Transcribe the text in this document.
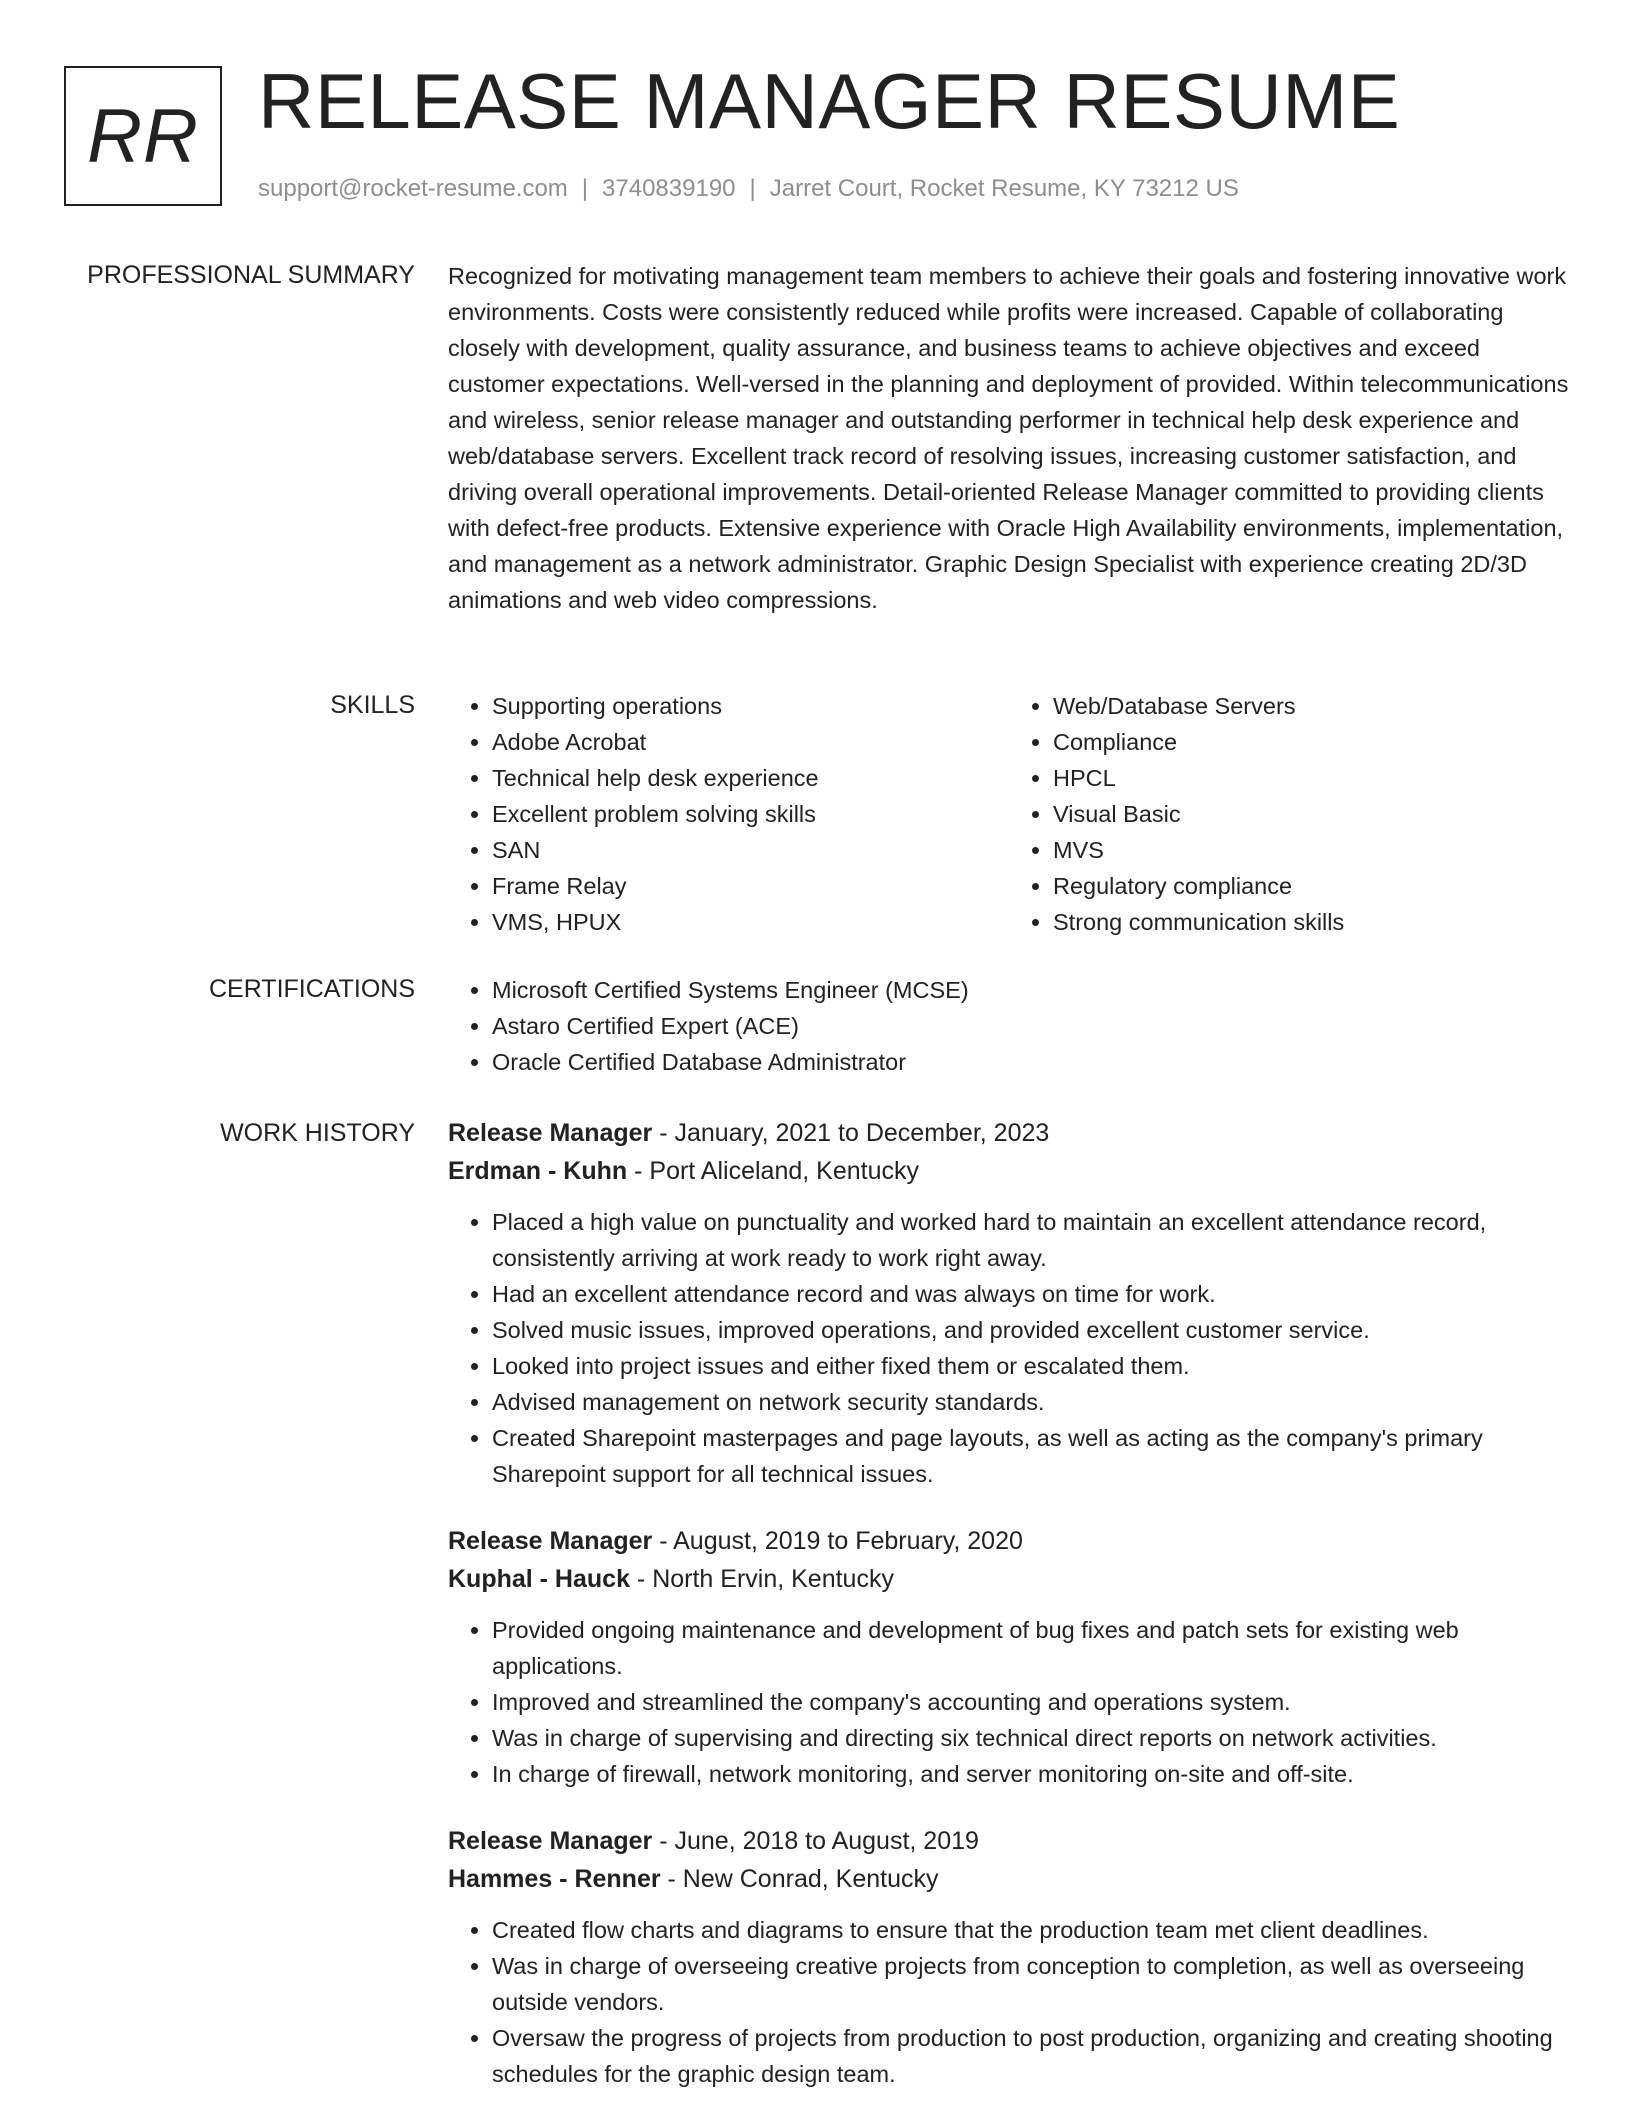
RR RELEASE MANAGER RESUME
support@rocket-resume.com | 3740839190 | Jarret Court, Rocket Resume, KY 73212 US
PROFESSIONAL SUMMARY Recognized for motivating management team members to achieve their goals and fostering innovative work environments. Costs were consistently reduced while profits were increased. Capable of collaborating closely with development, quality assurance, and business teams to achieve objectives and exceed customer expectations. Well-versed in the planning and deployment of provided. Within telecommunications and wireless, senior release manager and outstanding performer in technical help desk experience and web/database servers. Excellent track record of resolving issues, increasing customer satisfaction, and driving overall operational improvements. Detail-oriented Release Manager committed to providing clients with defect-free products. Extensive experience with Oracle High Availability environments, implementation, and management as a network administrator. Graphic Design Specialist with experience creating 2D/3D animations and web video compressions.
SKILLS	• Supporting operations
• Adobe Acrobat
• Technical help desk experience
• Excellent problem solving skills
• SAN
• Frame Relay
• VMS, HPUX
• Web/Database Servers
• Compliance
• HPCL
• Visual Basic
• MVS
• Regulatory compliance
• Strong communication skills
CERTIFICATIONS	• Microsoft Certified Systems Engineer (MCSE)
• Astaro Certified Expert (ACE)
• Oracle Certified Database Administrator
WORK HISTORY Release Manager - January, 2021 to December, 2023
Erdman - Kuhn - Port Aliceland, Kentucky
• Placed a high value on punctuality and worked hard to maintain an excellent attendance record, consistently arriving at work ready to work right away.
• Had an excellent attendance record and was always on time for work.
• Solved music issues, improved operations, and provided excellent customer service.
• Looked into project issues and either fixed them or escalated them.
• Advised management on network security standards.
• Created Sharepoint masterpages and page layouts, as well as acting as the company's primary Sharepoint support for all technical issues.
Release Manager - August, 2019 to February, 2020
Kuphal - Hauck - North Ervin, Kentucky
• Provided ongoing maintenance and development of bug fixes and patch sets for existing web applications.
• Improved and streamlined the company's accounting and operations system.
• Was in charge of supervising and directing six technical direct reports on network activities.
• In charge of firewall, network monitoring, and server monitoring on-site and off-site.
Release Manager - June, 2018 to August, 2019
Hammes - Renner - New Conrad, Kentucky
• Created flow charts and diagrams to ensure that the production team met client deadlines.
• Was in charge of overseeing creative projects from conception to completion, as well as overseeing outside vendors.
• Oversaw the progress of projects from production to post production, organizing and creating shooting schedules for the graphic design team.
